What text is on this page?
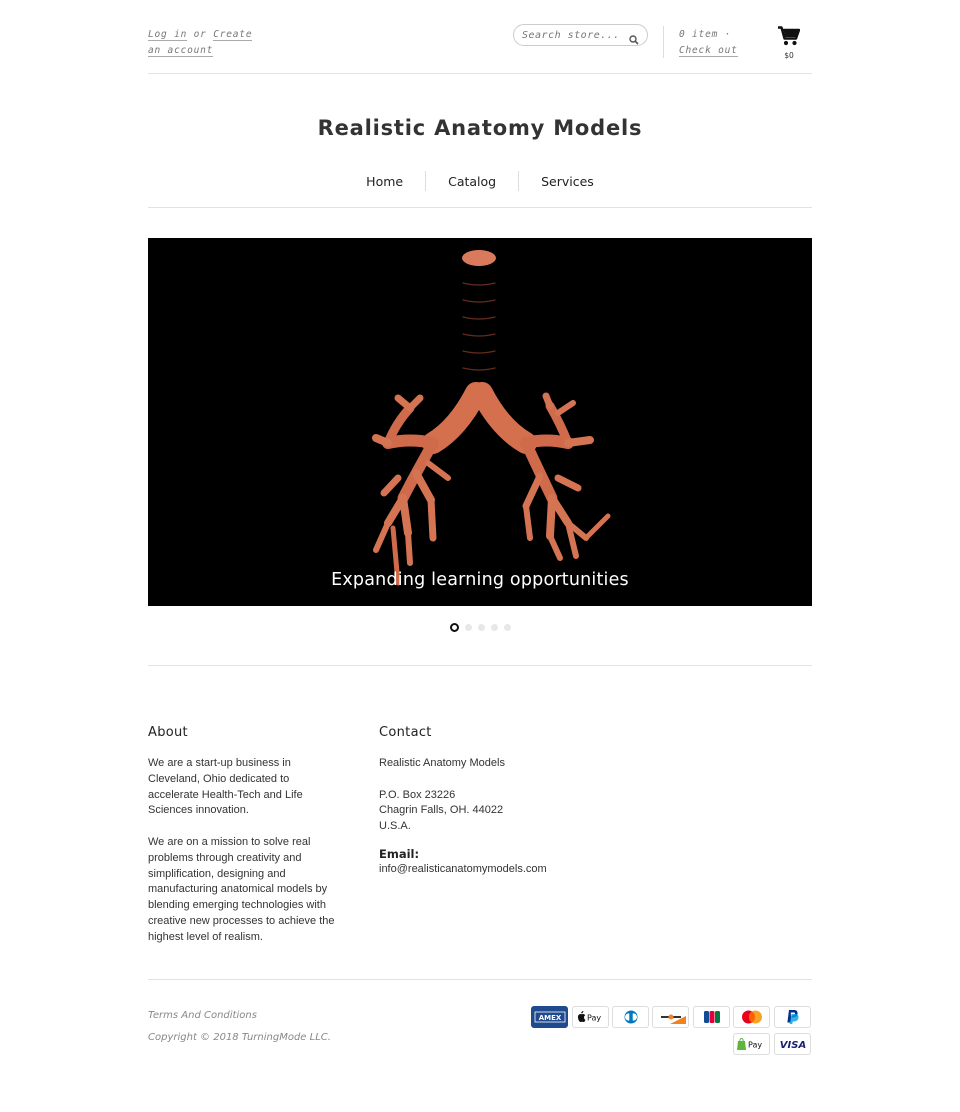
Log in or Create an account
Search store...
0 item · Check out	$0
Realistic Anatomy Models
Home	Catalog	Services
Expanding learning opportunities
About

We are a start-up business in Cleveland, Ohio dedicated to accelerate Health-Tech and Life Sciences innovation.

We are on a mission to solve real problems through creativity and simplification, designing and manufacturing anatomical models by blending emerging technologies with creative new processes to achieve the highest level of realism.

Contact

Realistic Anatomy Models

P.O. Box 23226

Chagrin Falls, OH. 44022

U.S.A.

Email:

info@realisticanatomymodels.com

Terms And Conditions
Copyright © 2018 TurningMode LLC.
AMEX	Pay
Pay VISA
